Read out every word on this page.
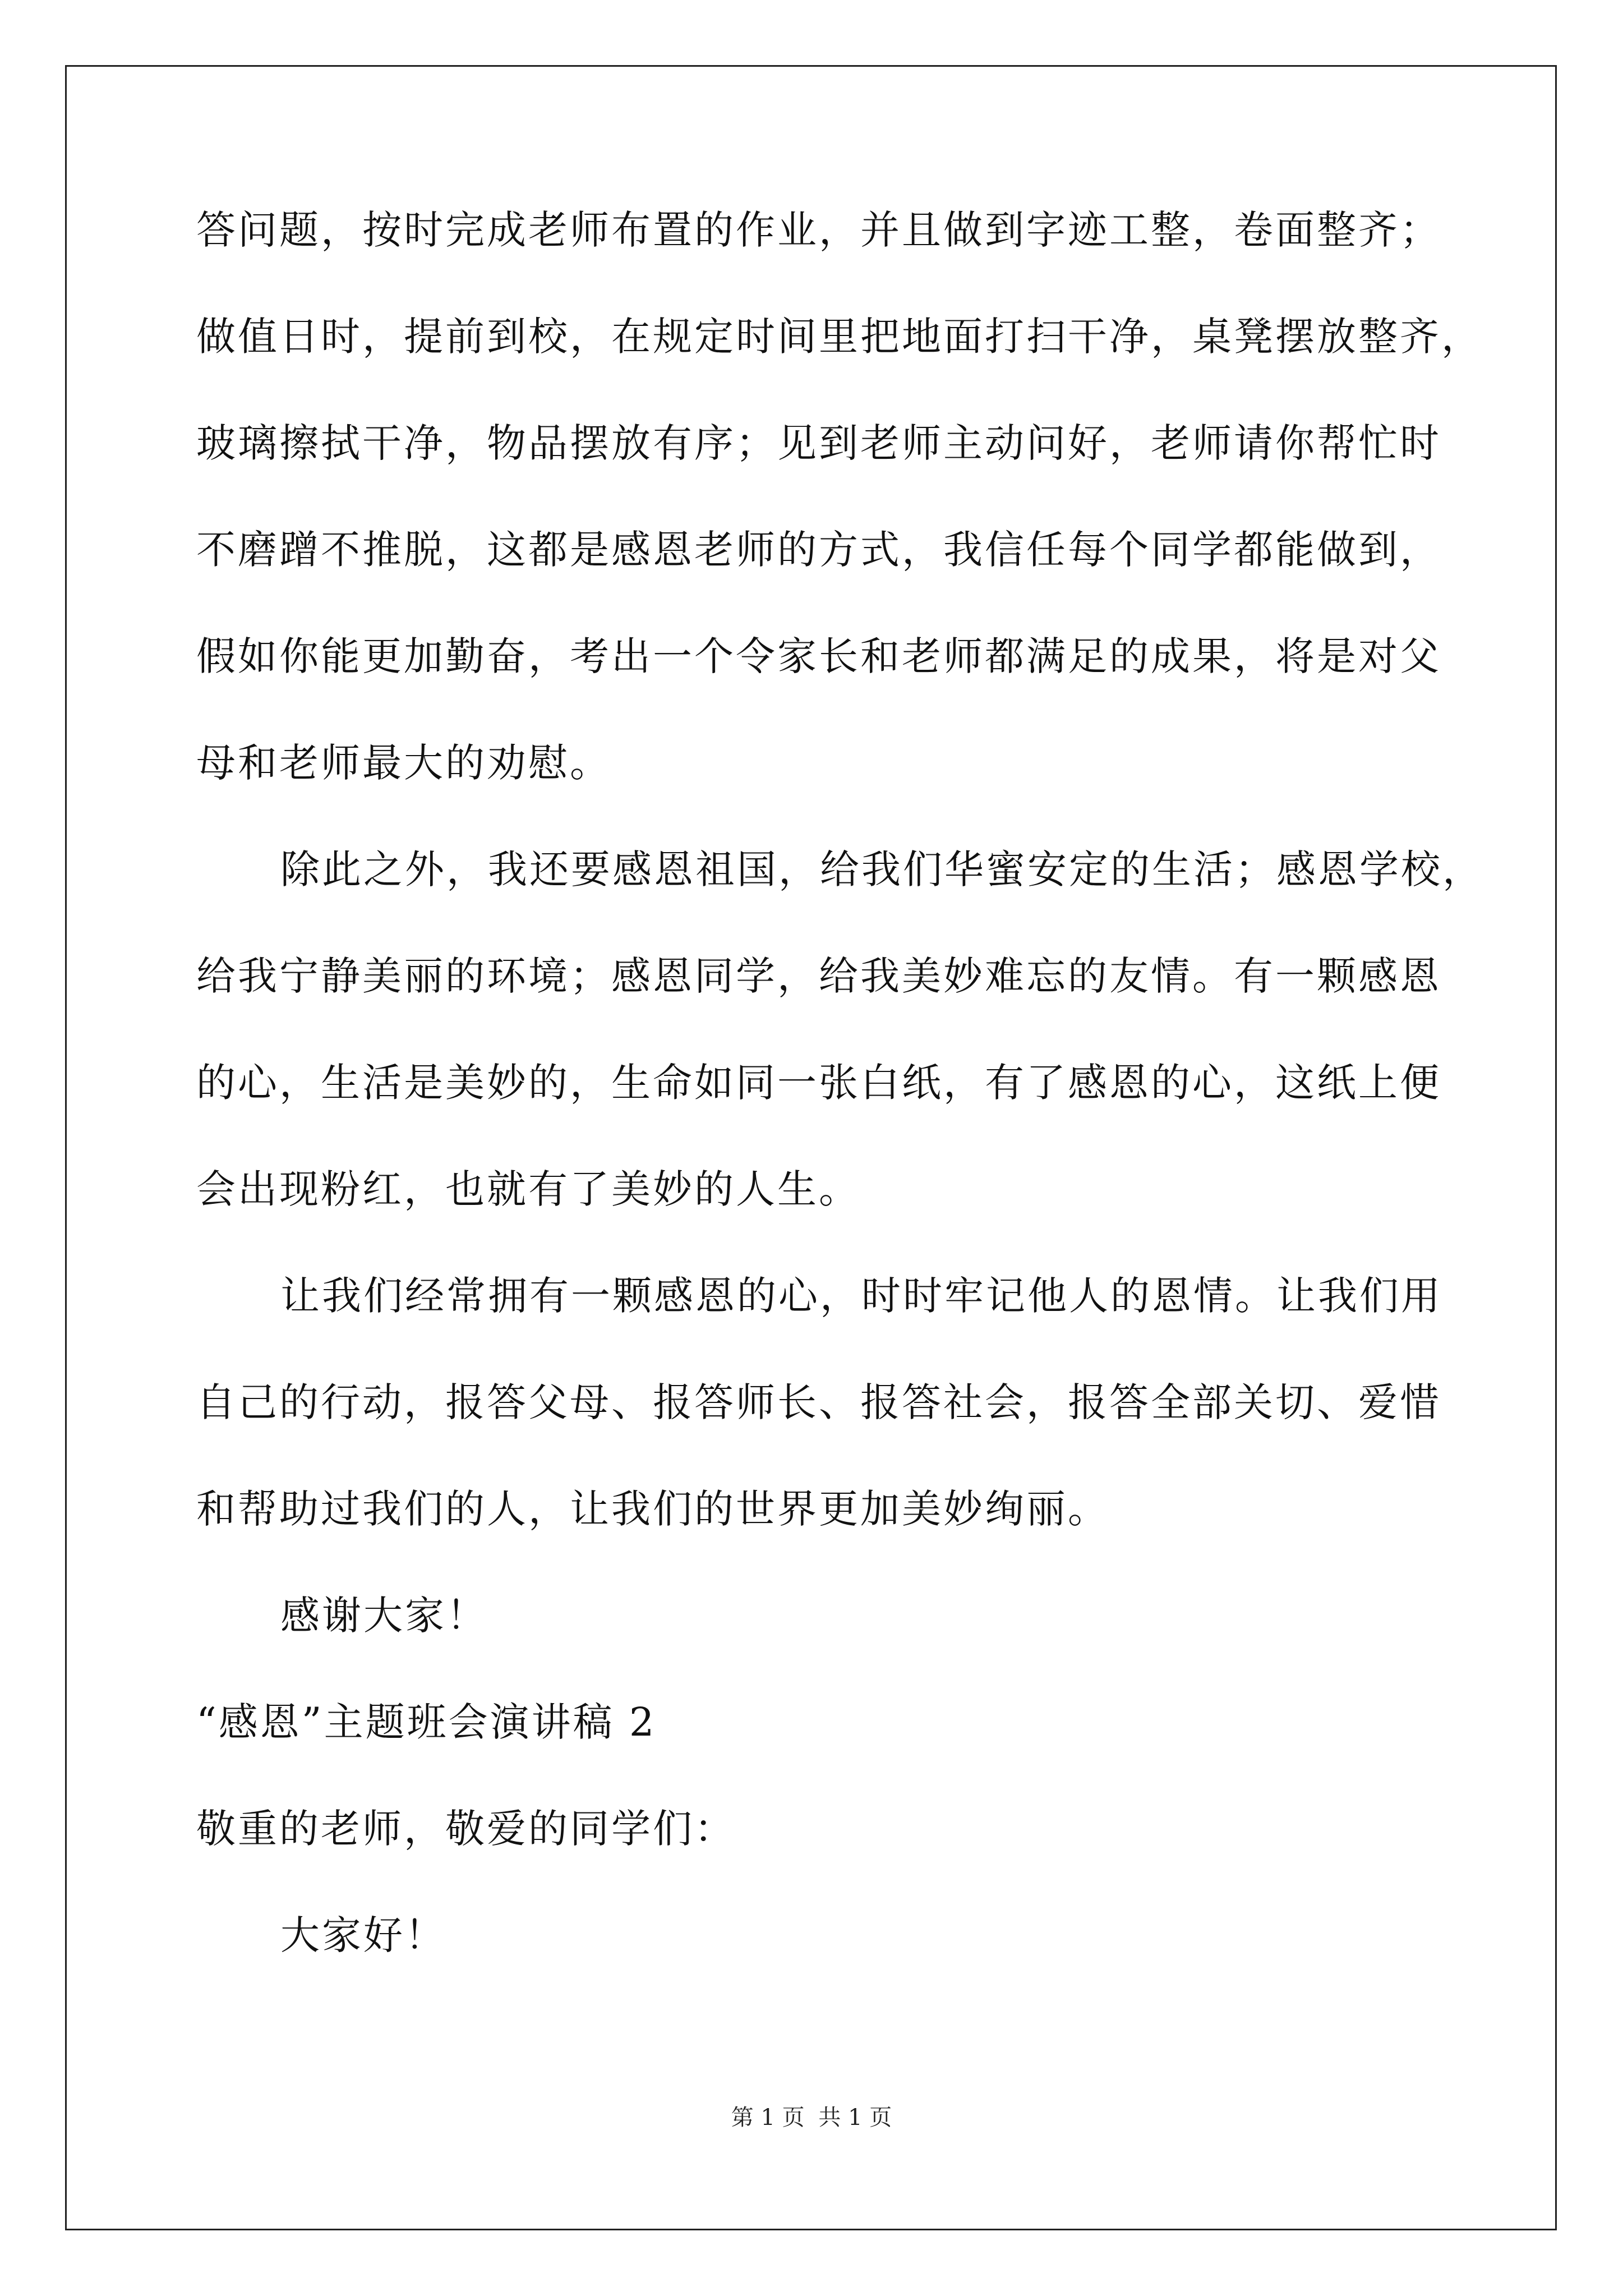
答问题，按时完成老师布置的作业，并且做到字迹工整，卷面整齐；
做值日时，提前到校，在规定时间里把地面打扫干净，桌凳摆放整齐，
玻璃擦拭干净，物品摆放有序；见到老师主动问好，老师请你帮忙时
不磨蹭不推脱，这都是感恩老师的方式，我信任每个同学都能做到，
假如你能更加勤奋，考出一个令家长和老师都满足的成果，将是对父
母和老师最大的劝慰。
除此之外，我还要感恩祖国，给我们华蜜安定的生活；感恩学校，
给我宁静美丽的环境；感恩同学，给我美妙难忘的友情。有一颗感恩
的心，生活是美妙的，生命如同一张白纸，有了感恩的心，这纸上便
会出现粉红，也就有了美妙的人生。
让我们经常拥有一颗感恩的心，时时牢记他人的恩情。让我们用
自己的行动，报答父母、报答师长、报答社会，报答全部关切、爱惜
和帮助过我们的人，让我们的世界更加美妙绚丽。
感谢大家！
“感恩”主题班会演讲稿 2
敬重的老师，敬爱的同学们：
大家好！
第 1 页 共 1 页
